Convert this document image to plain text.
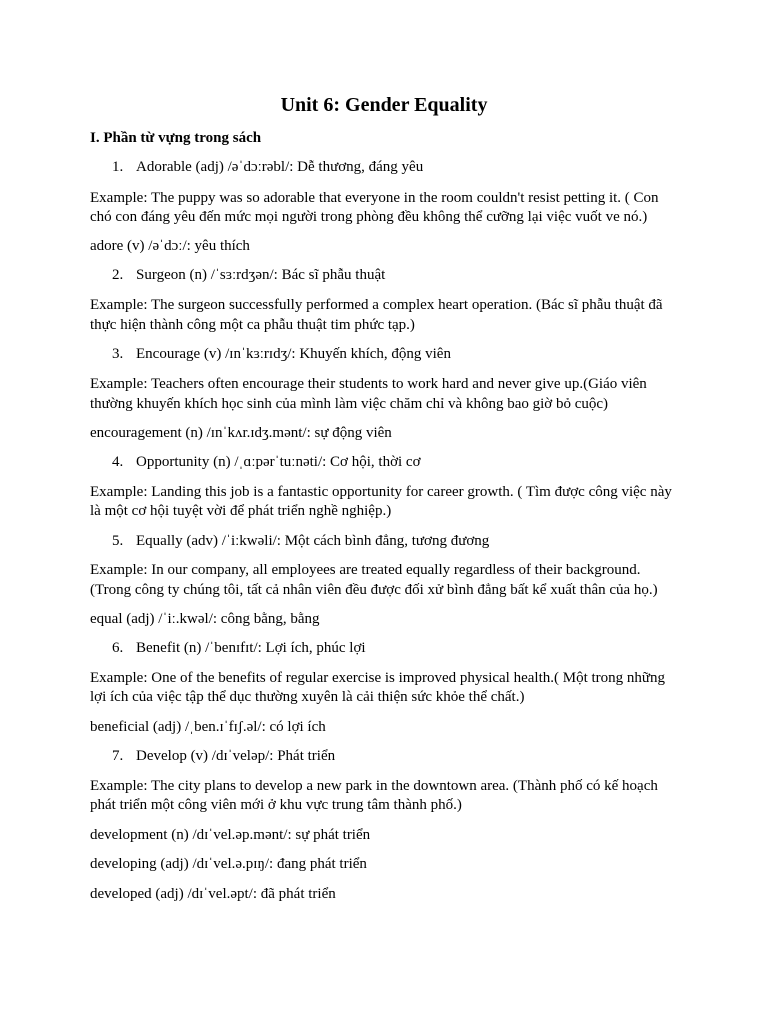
Unit 6: Gender Equality
I. Phần từ vựng trong sách

1. Adorable (adj) /əˈdɔːrəbl/: Dễ thương, đáng yêu

Example: The puppy was so adorable that everyone in the room couldn't resist petting it. ( Con

chó con đáng yêu đến mức mọi người trong phòng đều không thể cưỡng lại việc vuốt ve nó.)

adore (v) /əˈdɔː/: yêu thích

2. Surgeon (n) /ˈsɜːrdʒən/: Bác sĩ phẫu thuật

Example: The surgeon successfully performed a complex heart operation. (Bác sĩ phẫu thuật đã

thực hiện thành công một ca phẫu thuật tim phức tạp.)

3. Encourage (v) /ɪnˈkɜːrɪdʒ/: Khuyến khích, động viên

Example: Teachers often encourage their students to work hard and never give up.(Giáo viên

thường khuyến khích học sinh của mình làm việc chăm chỉ và không bao giờ bỏ cuộc)

encouragement (n) /ɪnˈkʌr.ɪdʒ.mənt/: sự động viên

4. Opportunity (n) /ˌɑːpərˈtuːnəti/: Cơ hội, thời cơ

Example: Landing this job is a fantastic opportunity for career growth. ( Tìm được công việc này

là một cơ hội tuyệt vời để phát triển nghề nghiệp.)

5. Equally (adv) /ˈiːkwəli/: Một cách bình đẳng, tương đương

Example: In our company, all employees are treated equally regardless of their background.

(Trong công ty chúng tôi, tất cả nhân viên đều được đối xử bình đẳng bất kể xuất thân của họ.)

equal (adj) /ˈiː.kwəl/: công bằng, bằng

6. Benefit (n) /ˈbenɪfɪt/: Lợi ích, phúc lợi

Example: One of the benefits of regular exercise is improved physical health.( Một trong những

lợi ích của việc tập thể dục thường xuyên là cải thiện sức khỏe thể chất.)

beneficial (adj) /ˌben.ɪˈfɪʃ.əl/: có lợi ích

7. Develop (v) /dɪˈveləp/: Phát triển

Example: The city plans to develop a new park in the downtown area. (Thành phố có kế hoạch

phát triển một công viên mới ở khu vực trung tâm thành phố.)

development (n) /dɪˈvel.əp.mənt/: sự phát triển

developing (adj) /dɪˈvel.ə.pɪŋ/: đang phát triển

developed (adj) /dɪˈvel.əpt/: đã phát triển
